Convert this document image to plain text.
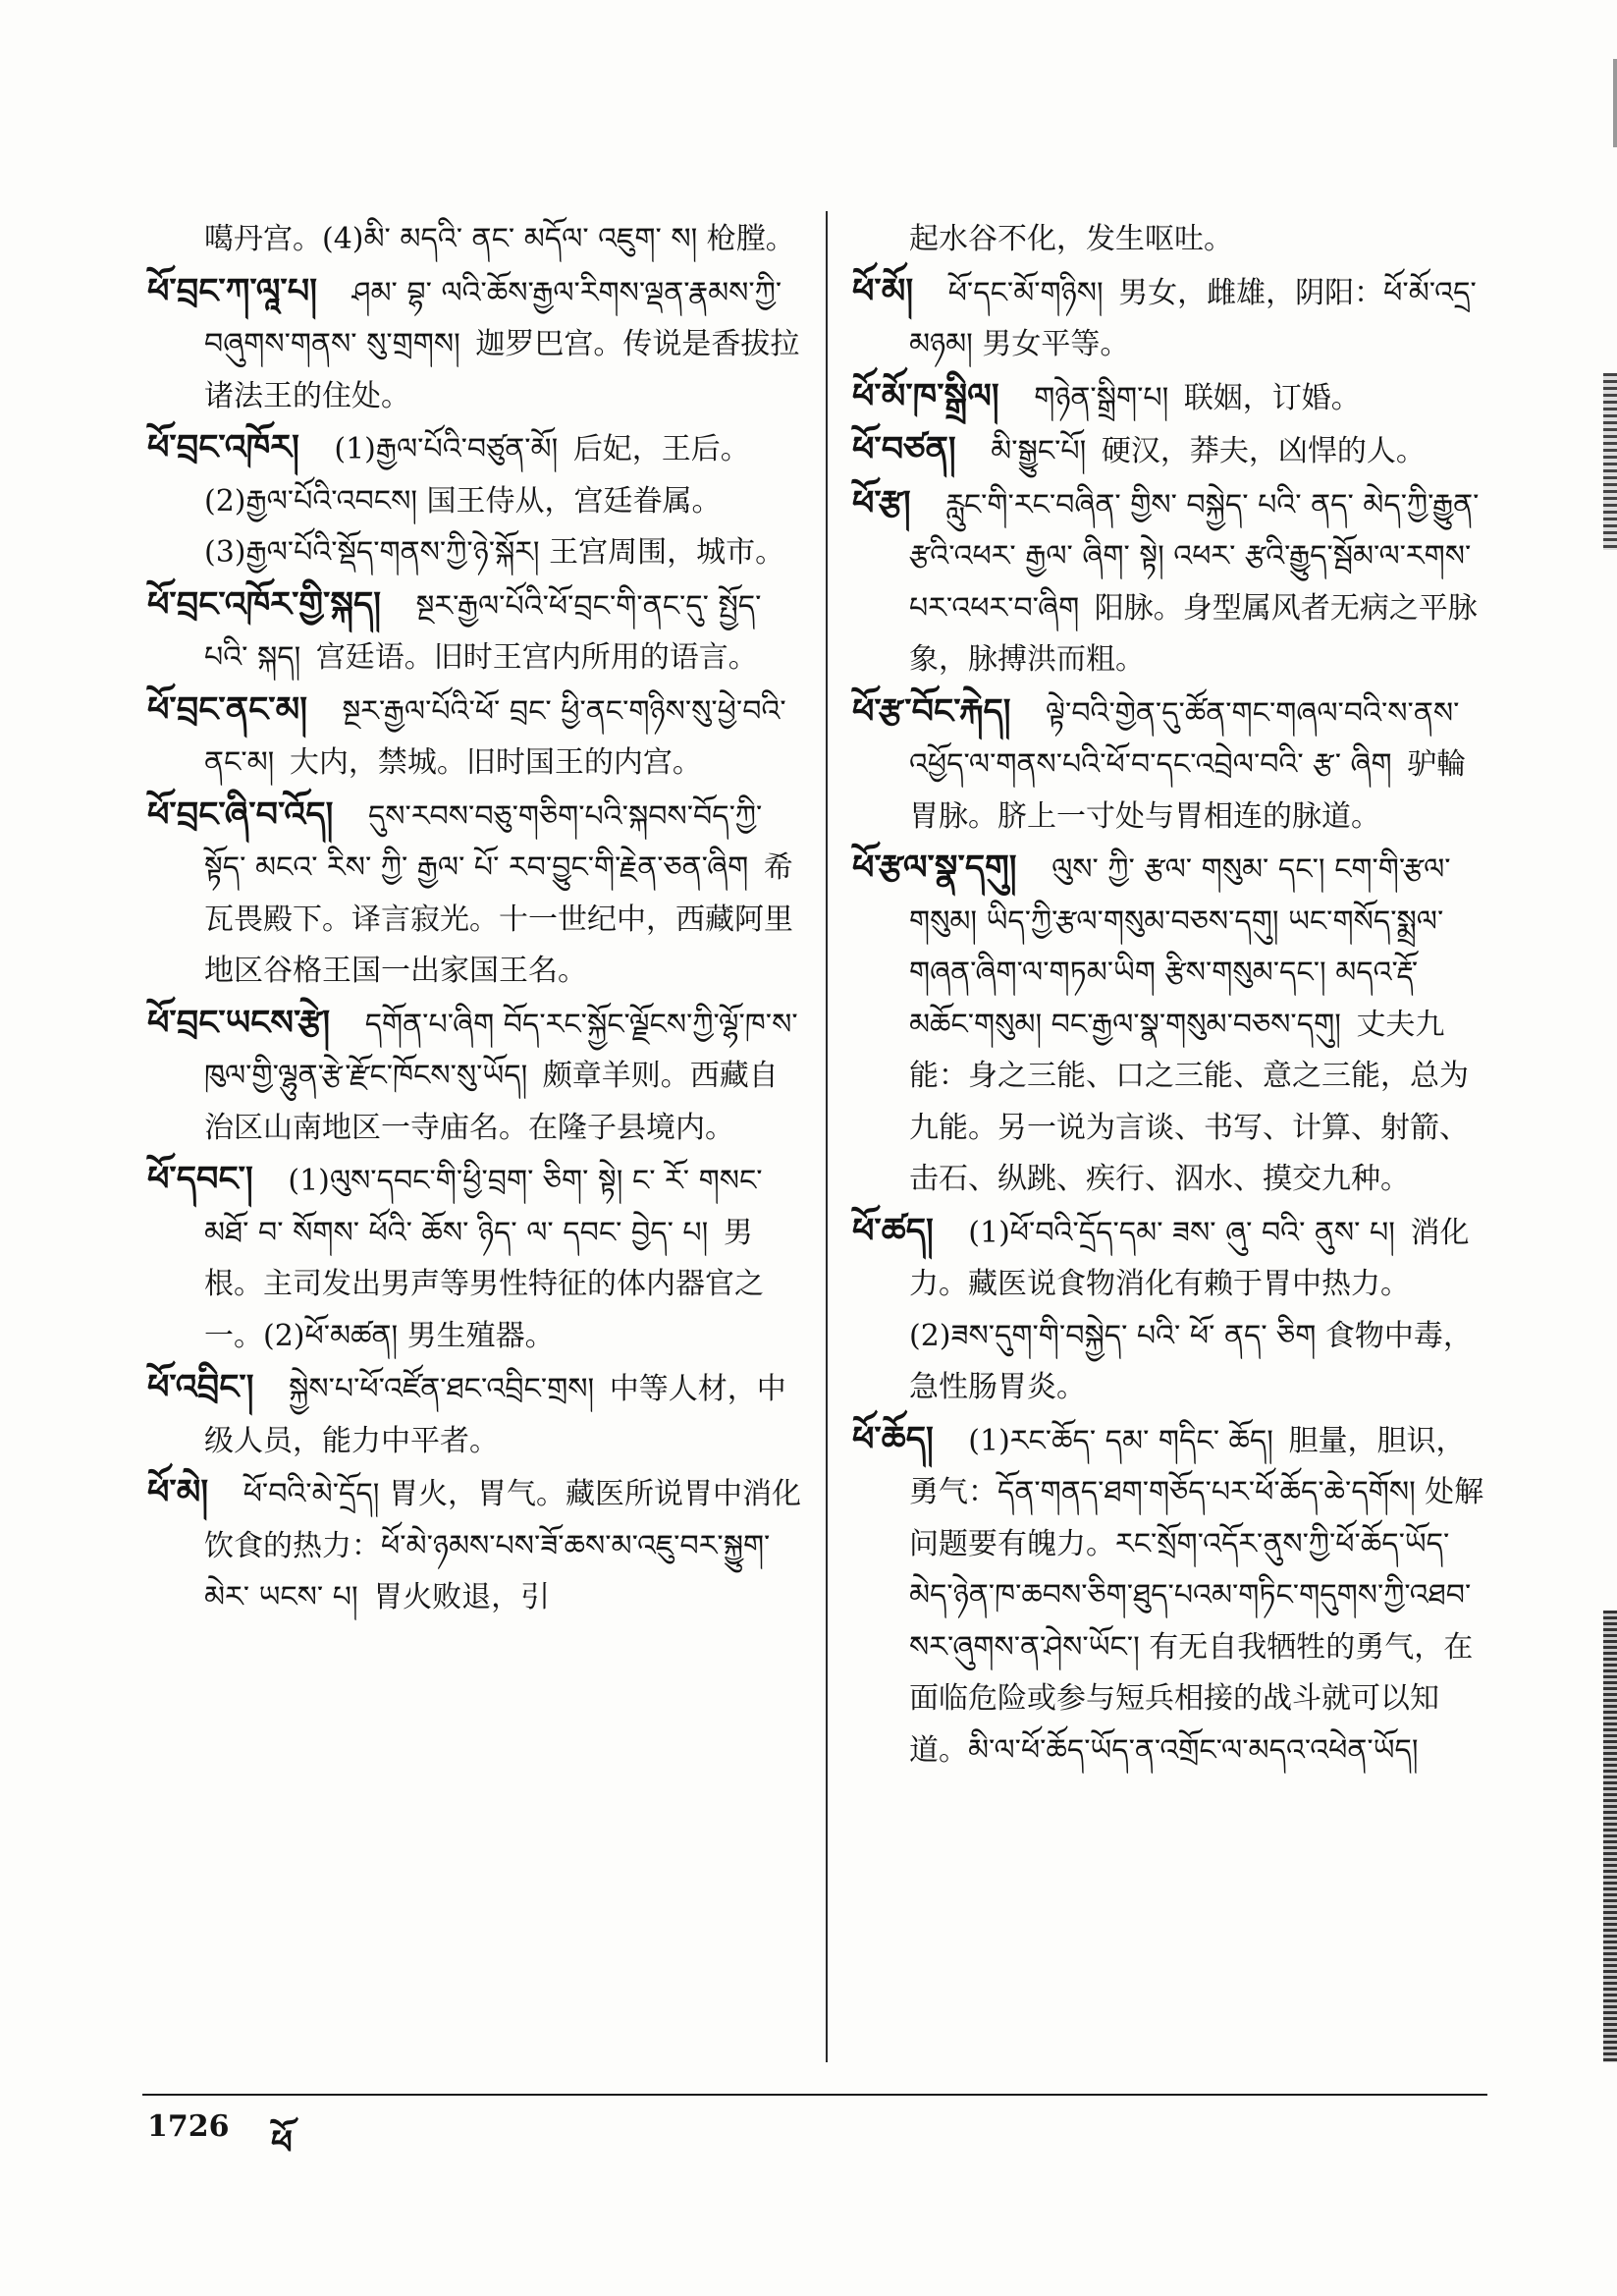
噶丹宫。(4)མི་ མདའི་ ནང་ མདོལ་ འཇུག་ ས། 枪膛。

ཕོ་བྲང་ཀ་ལཱ་པ། ཤམ་ བྷ་ ལའི་ཆོས་རྒྱལ་རིགས་ལྡན་རྣམས་ཀྱི་བཞུགས་གནས་ སུ་གྲགས། 迦罗巴宫。传说是香拔拉诸法王的住处。

ཕོ་བྲང་འཁོར། (1)རྒྱལ་པོའི་བཙུན་མོ། 后妃，王后。(2)རྒྱལ་པོའི་འབངས། 国王侍从，宫廷眷属。(3)རྒྱལ་པོའི་སྡོད་གནས་ཀྱི་ཉེ་སྐོར། 王宫周围，城市。

ཕོ་བྲང་འཁོར་གྱི་སྐད། སྔར་རྒྱལ་པོའི་ཕོ་བྲང་གི་ནང་དུ་ སྤྱོད་ པའི་ སྐད། 宫廷语。旧时王宫内所用的语言。

ཕོ་བྲང་ནང་མ། སྔར་རྒྱལ་པོའི་ཕོ་ བྲང་ ཕྱི་ནང་གཉིས་སུ་ཕྱེ་བའི་ནང་མ། 大内，禁城。旧时国王的内宫。

ཕོ་བྲང་ཞི་བ་འོད། དུས་རབས་བཅུ་གཅིག་པའི་སྐབས་བོད་ཀྱི་སྟོད་ མངའ་ རིས་ ཀྱི་ རྒྱལ་ པོ་ རབ་བྱུང་གི་རྗེན་ཅན་ཞིག 希瓦畏殿下。译言寂光。十一世纪中，西藏阿里地区谷格王国一出家国王名。

ཕོ་བྲང་ཡངས་རྩེ། དགོན་པ་ཞིག བོད་རང་སྐྱོང་ལྗོངས་ཀྱི་ལྷོ་ཁ་ས་ཁུལ་གྱི་ལྷུན་རྩེ་རྫོང་ཁོངས་སུ་ཡོད། 颇章羊则。西藏自治区山南地区一寺庙名。在隆子县境内。

ཕོ་དབང་། (1)ལུས་དབང་གི་ཕྱི་བྲག་ ཅིག་ སྟེ། ང་ རོ་ གསང་ མཐོ་ བ་ སོགས་ ཕོའི་ ཆོས་ ཉིད་ ལ་ དབང་ བྱེད་ པ། 男根。主司发出男声等男性特征的体内器官之一。(2)ཕོ་མཚན། 男生殖器。

ཕོ་འབྲིང་། སྐྱེས་པ་ཕོ་འཛོན་ཐང་འབྲིང་གྲས། 中等人材，中级人员，能力中平者。

ཕོ་མེ། ཕོ་བའི་མེ་དྲོད། 胃火，胃气。藏医所说胃中消化饮食的热力：ཕོ་མེ་ཉམས་པས་ཟོ་ཆས་མ་འཇུ་བར་སྐྱུག་ མེར་ ཡངས་ པ། 胃火败退，引

起水谷不化，发生呕吐。

ཕོ་མོ། ཕོ་དང་མོ་གཉིས། 男女，雌雄，阴阳：ཕོ་མོ་འདྲ་མཉམ། 男女平等。

ཕོ་མོ་ཁ་སྒྲིལ། གཉེན་སྒྲིག་པ། 联姻，订婚。

ཕོ་བཙན། མི་སྒྱུང་པོ། 硬汉，莽夫，凶悍的人。

ཕོ་རྩ། རླུང་གི་རང་བཞིན་ གྱིས་ བསྐྱེད་ པའི་ ནད་ མེད་ཀྱི་རྒྱུན་རྩའི་འཕར་ རྒྱལ་ ཞིག་ སྟེ། འཕར་ རྩའི་རྒྱུད་སྦོམ་ལ་རགས་པར་འཕར་བ་ཞིག 阳脉。身型属风者无病之平脉象，脉搏洪而粗。

ཕོ་རྩ་བོང་རྐེད། ལྟེ་བའི་གྱེན་དུ་ཚོན་གང་གཞལ་བའི་ས་ནས་འཕྱོད་ལ་གནས་པའི་ཕོ་བ་དང་འབྲེལ་བའི་ རྩ་ ཞིག 驴輪胃脉。脐上一寸处与胃相连的脉道。

ཕོ་རྩལ་སྣ་དགུ། ལུས་ ཀྱི་ རྩལ་ གསུམ་ དང་། ངག་གི་རྩལ་གསུམ། ཡིད་ཀྱི་རྩལ་གསུམ་བཅས་དགུ། ཡང་གསོད་སྨྲལ་གཞན་ཞིག་ལ་གཏམ་ཡིག རྩིས་གསུམ་དང་། མདའ་རྡོ་ མཆོང་གསུམ། བང་རྒྱལ་སྣ་གསུམ་བཅས་དགུ། 丈夫九能：身之三能、口之三能、意之三能，总为九能。另一说为言谈、书写、计算、射箭、击石、纵跳、疾行、泅水、摸交九种。

ཕོ་ཚད། (1)ཕོ་བའི་དྲོད་དམ་ ཟས་ ཞུ་ བའི་ ནུས་ པ། 消化力。藏医说食物消化有赖于胃中热力。(2)ཟས་དུག་གི་བསྐྱེད་ པའི་ ཕོ་ ནད་ ཅིག 食物中毒，急性肠胃炎。

ཕོ་ཆོད། (1)རང་ཆོད་ དམ་ གདིང་ ཆོད། 胆量，胆识，勇气：དོན་གནད་ཐག་གཅོད་པར་ཕོ་ཆོད་ཆེ་དགོས། 处解问题要有魄力。རང་སྲོག་འདོར་ནུས་ཀྱི་ཕོ་ཆོད་ཡོད་མེད་ཉེན་ཁ་ཆབས་ཅིག་ཐུད་པའམ་གཏིང་གདུགས་ཀྱི་འཐབ་སར་ཞུགས་ན་ཤེས་ཡོང་། 有无自我牺牲的勇气，在面临危险或参与短兵相接的战斗就可以知道。མི་ལ་ཕོ་ཆོད་ཡོད་ན་འགྲོང་ལ་མདའ་འཕེན་ཡོད།

1726 ཕོ
